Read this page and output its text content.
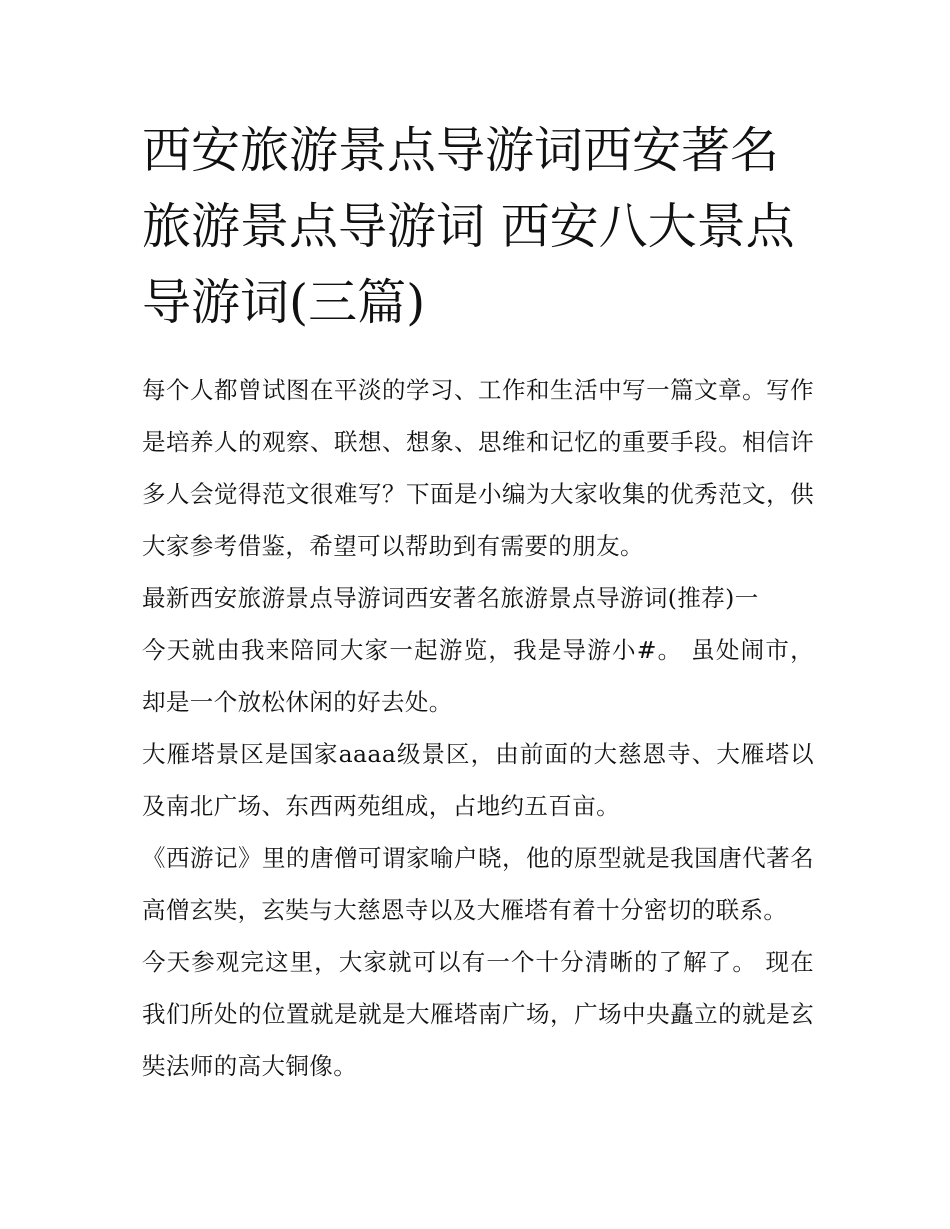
西安旅游景点导游词西安著名旅游景点导游词 西安八大景点导游词(三篇)

每个人都曾试图在平淡的学习、工作和生活中写一篇文章。写作是培养人的观察、联想、想象、思维和记忆的重要手段。相信许多人会觉得范文很难写？下面是小编为大家收集的优秀范文，供大家参考借鉴，希望可以帮助到有需要的朋友。

最新西安旅游景点导游词西安著名旅游景点导游词(推荐)一

今天就由我来陪同大家一起游览，我是导游小#。 虽处闹市，却是一个放松休闲的好去处。

大雁塔景区是国家aaaa级景区，由前面的大慈恩寺、大雁塔以及南北广场、东西两苑组成，占地约五百亩。

《西游记》里的唐僧可谓家喻户晓，他的原型就是我国唐代著名高僧玄奘，玄奘与大慈恩寺以及大雁塔有着十分密切的联系。

今天参观完这里，大家就可以有一个十分清晰的了解了。 现在我们所处的位置就是就是大雁塔南广场，广场中央矗立的就是玄奘法师的高大铜像。
